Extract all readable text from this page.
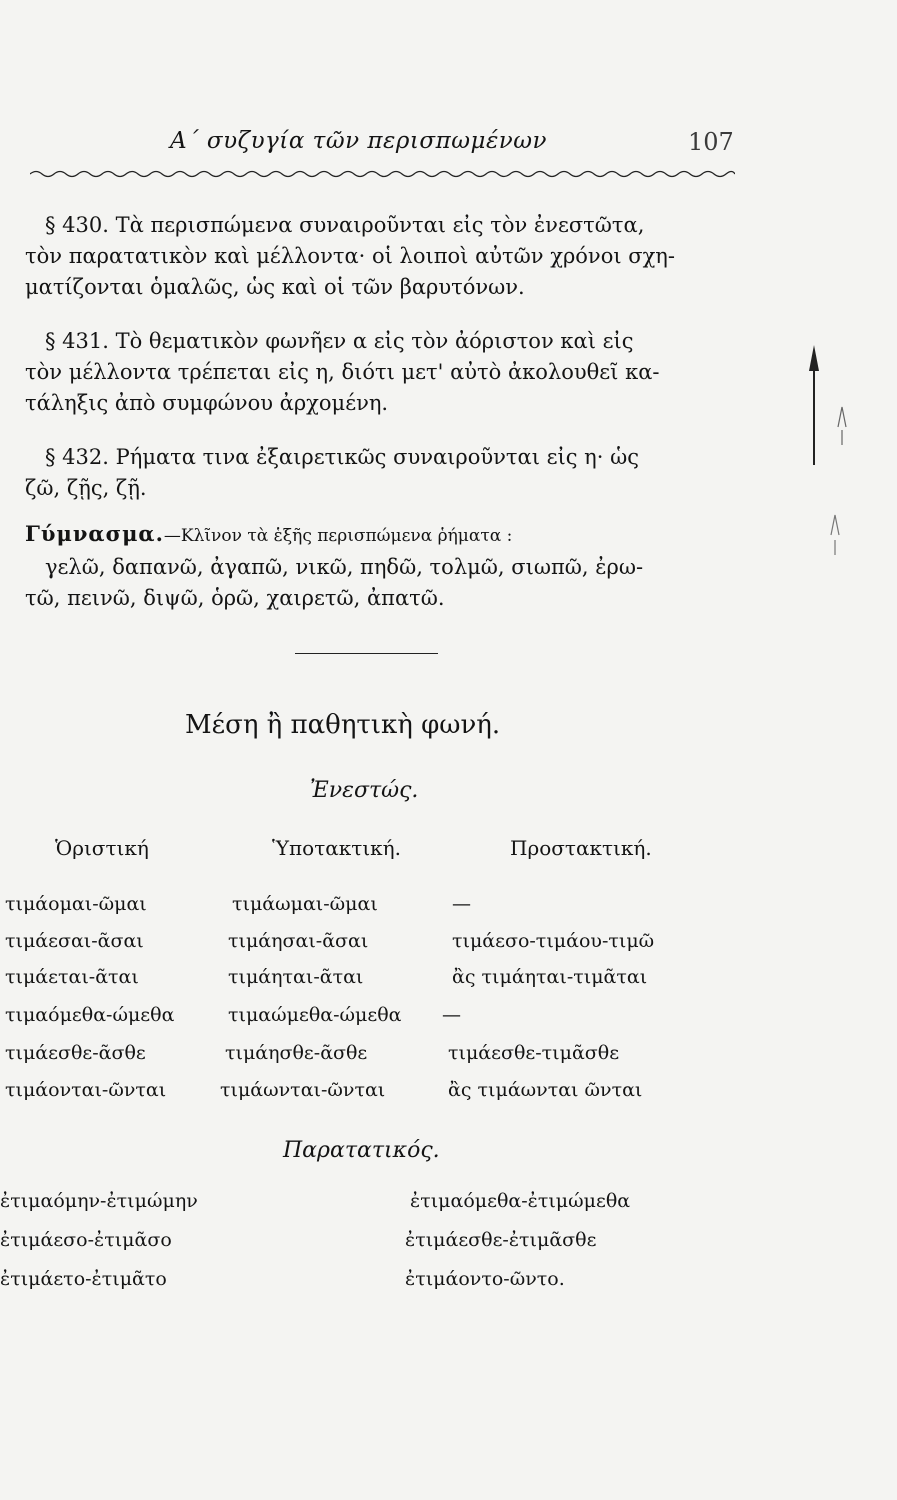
Α΄ συζυγία τῶν περισπωμένων	107
§ 430. Τὰ περισπώμενα συναιροῦνται εἰς τὸν ἐνεστῶτα,
τὸν παρατατικὸν καὶ μέλλοντα· οἱ λοιποὶ αὐτῶν χρόνοι σχη-
ματίζονται ὁμαλῶς, ὡς καὶ οἱ τῶν βαρυτόνων.
§ 431. Τὸ θεματικὸν φωνῆεν α εἰς τὸν ἀόριστον καὶ εἰς
τὸν μέλλοντα τρέπεται εἰς η, διότι μετ' αὐτὸ ἀκολουθεῖ κα-
τάληξις ἀπὸ συμφώνου ἀρχομένη.
§ 432. Ρήματα τινα ἐξαιρετικῶς συναιροῦνται εἰς η· ὡς
ζῶ, ζῇς, ζῇ.
Γύμνασμα.—Κλῖνον τὰ ἑξῆς περισπώμενα ῥήματα :
γελῶ, δαπανῶ, ἀγαπῶ, νικῶ, πηδῶ, τολμῶ, σιωπῶ, ἐρω-
τῶ, πεινῶ, διψῶ, ὁρῶ, χαιρετῶ, ἀπατῶ.
Μέση ἢ παθητικὴ φωνή.
Ἐνεστώς.
Ὁριστική	Ὑποτακτική.	Προστακτική.
τιμάομαι-ῶμαι	τιμάωμαι-ῶμαι	—
τιμάεσαι-ᾶσαι	τιμάησαι-ᾶσαι	τιμάεσο-τιμάου-τιμῶ
τιμάεται-ᾶται	τιμάηται-ᾶται	ἂς τιμάηται-τιμᾶται
τιμαόμεθα-ώμεθα	τιμαώμεθα-ώμεθα —
τιμάεσθε-ᾶσθε	τιμάησθε-ᾶσθε	τιμάεσθε-τιμᾶσθε
τιμάονται-ῶνται	τιμάωνται-ῶνται	ἂς τιμάωνται ῶνται
Παρατατικός.
ἐτιμαόμην-ἐτιμώμην	ἐτιμαόμεθα-ἐτιμώμεθα
ἐτιμάεσο-ἐτιμᾶσο	ἐτιμάεσθε-ἐτιμᾶσθε
ἐτιμάετο-ἐτιμᾶτο	ἐτιμάοντο-ῶντο.
